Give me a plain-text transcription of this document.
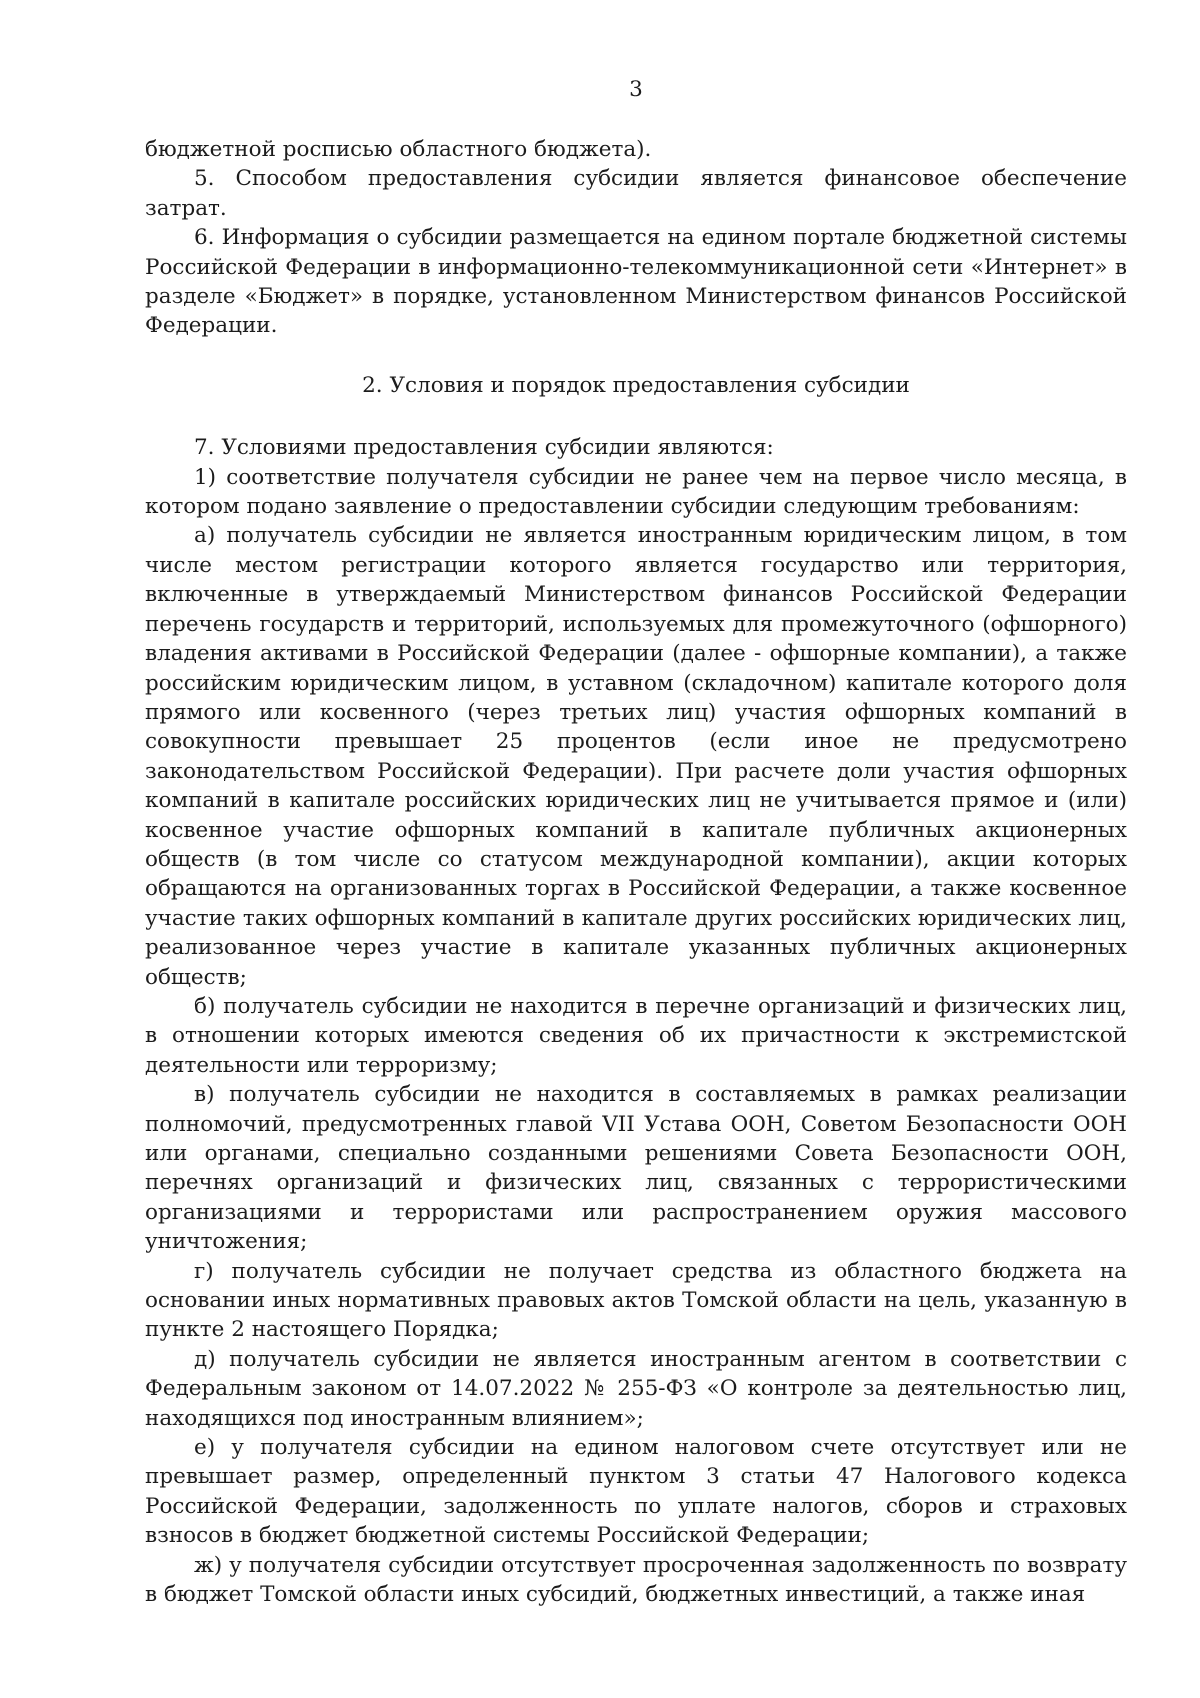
3

бюджетной росписью областного бюджета).

5. Способом предоставления субсидии является финансовое обеспечение затрат.

6. Информация о субсидии размещается на едином портале бюджетной системы Российской Федерации в информационно-телекоммуникационной сети «Интернет» в разделе «Бюджет» в порядке, установленном Министерством финансов Российской Федерации.

2. Условия и порядок предоставления субсидии

7. Условиями предоставления субсидии являются:

1) соответствие получателя субсидии не ранее чем на первое число месяца, в котором подано заявление о предоставлении субсидии следующим требованиям:

а) получатель субсидии не является иностранным юридическим лицом, в том числе местом регистрации которого является государство или территория, включенные в утверждаемый Министерством финансов Российской Федерации перечень государств и территорий, используемых для промежуточного (офшорного) владения активами в Российской Федерации (далее - офшорные компании), а также российским юридическим лицом, в уставном (складочном) капитале которого доля прямого или косвенного (через третьих лиц) участия офшорных компаний в совокупности превышает 25 процентов (если иное не предусмотрено законодательством Российской Федерации). При расчете доли участия офшорных компаний в капитале российских юридических лиц не учитывается прямое и (или) косвенное участие офшорных компаний в капитале публичных акционерных обществ (в том числе со статусом международной компании), акции которых обращаются на организованных торгах в Российской Федерации, а также косвенное участие таких офшорных компаний в капитале других российских юридических лиц, реализованное через участие в капитале указанных публичных акционерных обществ;

б) получатель субсидии не находится в перечне организаций и физических лиц, в отношении которых имеются сведения об их причастности к экстремистской деятельности или терроризму;

в) получатель субсидии не находится в составляемых в рамках реализации полномочий, предусмотренных главой VII Устава ООН, Советом Безопасности ООН или органами, специально созданными решениями Совета Безопасности ООН, перечнях организаций и физических лиц, связанных с террористическими организациями и террористами или распространением оружия массового уничтожения;

г) получатель субсидии не получает средства из областного бюджета на основании иных нормативных правовых актов Томской области на цель, указанную в пункте 2 настоящего Порядка;

д) получатель субсидии не является иностранным агентом в соответствии с Федеральным законом от 14.07.2022 № 255-ФЗ «О контроле за деятельностью лиц, находящихся под иностранным влиянием»;

е) у получателя субсидии на едином налоговом счете отсутствует или не превышает размер, определенный пунктом 3 статьи 47 Налогового кодекса Российской Федерации, задолженность по уплате налогов, сборов и страховых взносов в бюджет бюджетной системы Российской Федерации;

ж) у получателя субсидии отсутствует просроченная задолженность по возврату в бюджет Томской области иных субсидий, бюджетных инвестиций, а также иная
